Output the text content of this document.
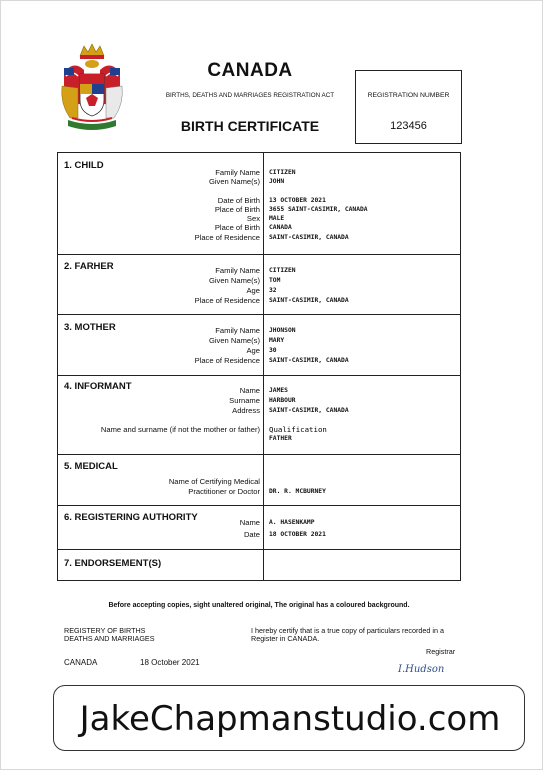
CANADA
BIRTHS, DEATHS AND MARRIAGES REGISTRATION ACT
BIRTH CERTIFICATE
REGISTRATION NUMBER
123456
1. CHILD
Family Name CITIZEN
Given Name(s) JOHN
Date of Birth 13 OCTOBER 2021
Place of Birth 3655 SAINT-CASIMIR, CANADA
Sex MALE
Place of Birth CANADA
Place of Residence SAINT-CASIMIR, CANADA
2. FARHER	Family Name CITIZEN
Given Name(s) TOM
Age 32
Place of Residence SAINT-CASIMIR, CANADA
3. MOTHER	Family Name JHONSON
Given Name(s) MARY
Age 30
Place of Residence SAINT-CASIMIR, CANADA
4. INFORMANT	Name JAMES
Surname HARBOUR
Address SAINT-CASIMIR, CANADA
Name and surname (if not the mother or father) Qualification
FATHER
5. MEDICAL
Name of Certifying Medical
Practitioner or Doctor DR. R. MCBURNEY
6. REGISTERING AUTHORITY	Name A. HASENKAMP
Date 18 OCTOBER 2021
7. ENDORSEMENT(S)
Before accepting copies, sight unaltered original, The original has a coloured background.
REGISTERY OF BIRTHS
DEATHS AND MARRIAGES
I hereby certify that is a true copy of particulars recorded in a
Register in CANADA.
Registrar
CANADA	18 October 2021
I.Hudson
JakeChapmanstudio.com
